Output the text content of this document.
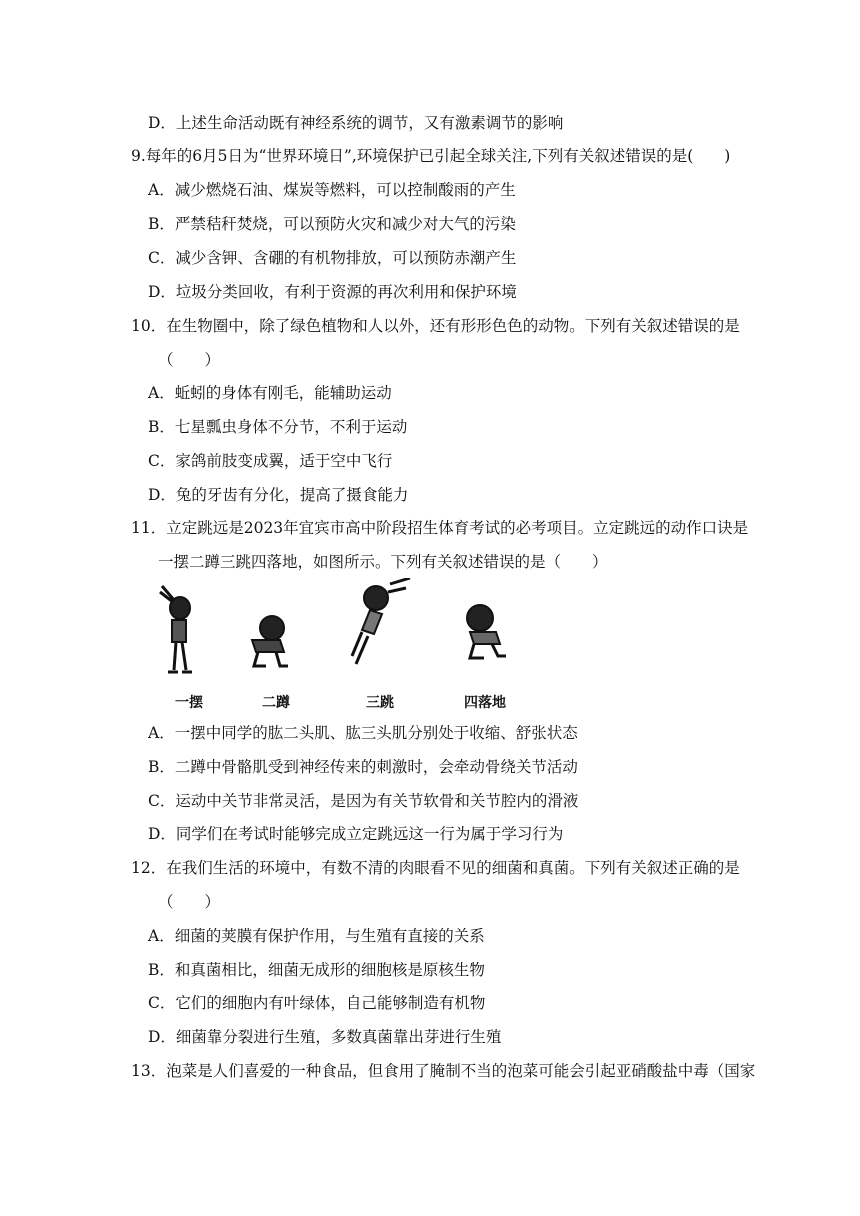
D．上述生命活动既有神经系统的调节，又有激素调节的影响
9.每年的6月5日为“世界环境日”,环境保护已引起全球关注,下列有关叙述错误的是(　　)
A．减少燃烧石油、煤炭等燃料，可以控制酸雨的产生
B．严禁秸秆焚烧，可以预防火灾和减少对大气的污染
C．减少含钾、含硼的有机物排放，可以预防赤潮产生
D．垃圾分类回收，有利于资源的再次利用和保护环境
10．在生物圈中，除了绿色植物和人以外，还有形形色色的动物。下列有关叙述错误的是
（　　）
A．蚯蚓的身体有刚毛，能辅助运动
B．七星瓢虫身体不分节，不利于运动
C．家鸽前肢变成翼，适于空中飞行
D．兔的牙齿有分化，提高了摄食能力
11．立定跳远是2023年宜宾市高中阶段招生体育考试的必考项目。立定跳远的动作口诀是
一摆二蹲三跳四落地，如图所示。下列有关叙述错误的是（　　）
一摆	二蹲	三跳	四落地
A．一摆中同学的肱二头肌、肱三头肌分别处于收缩、舒张状态
B．二蹲中骨骼肌受到神经传来的刺激时，会牵动骨绕关节活动
C．运动中关节非常灵活，是因为有关节软骨和关节腔内的滑液
D．同学们在考试时能够完成立定跳远这一行为属于学习行为
12．在我们生活的环境中，有数不清的肉眼看不见的细菌和真菌。下列有关叙述正确的是
（　　）
A．细菌的荚膜有保护作用，与生殖有直接的关系
B．和真菌相比，细菌无成形的细胞核是原核生物
C．它们的细胞内有叶绿体，自己能够制造有机物
D．细菌靠分裂进行生殖，多数真菌靠出芽进行生殖
13．泡菜是人们喜爱的一种食品，但食用了腌制不当的泡菜可能会引起亚硝酸盐中毒（国家
